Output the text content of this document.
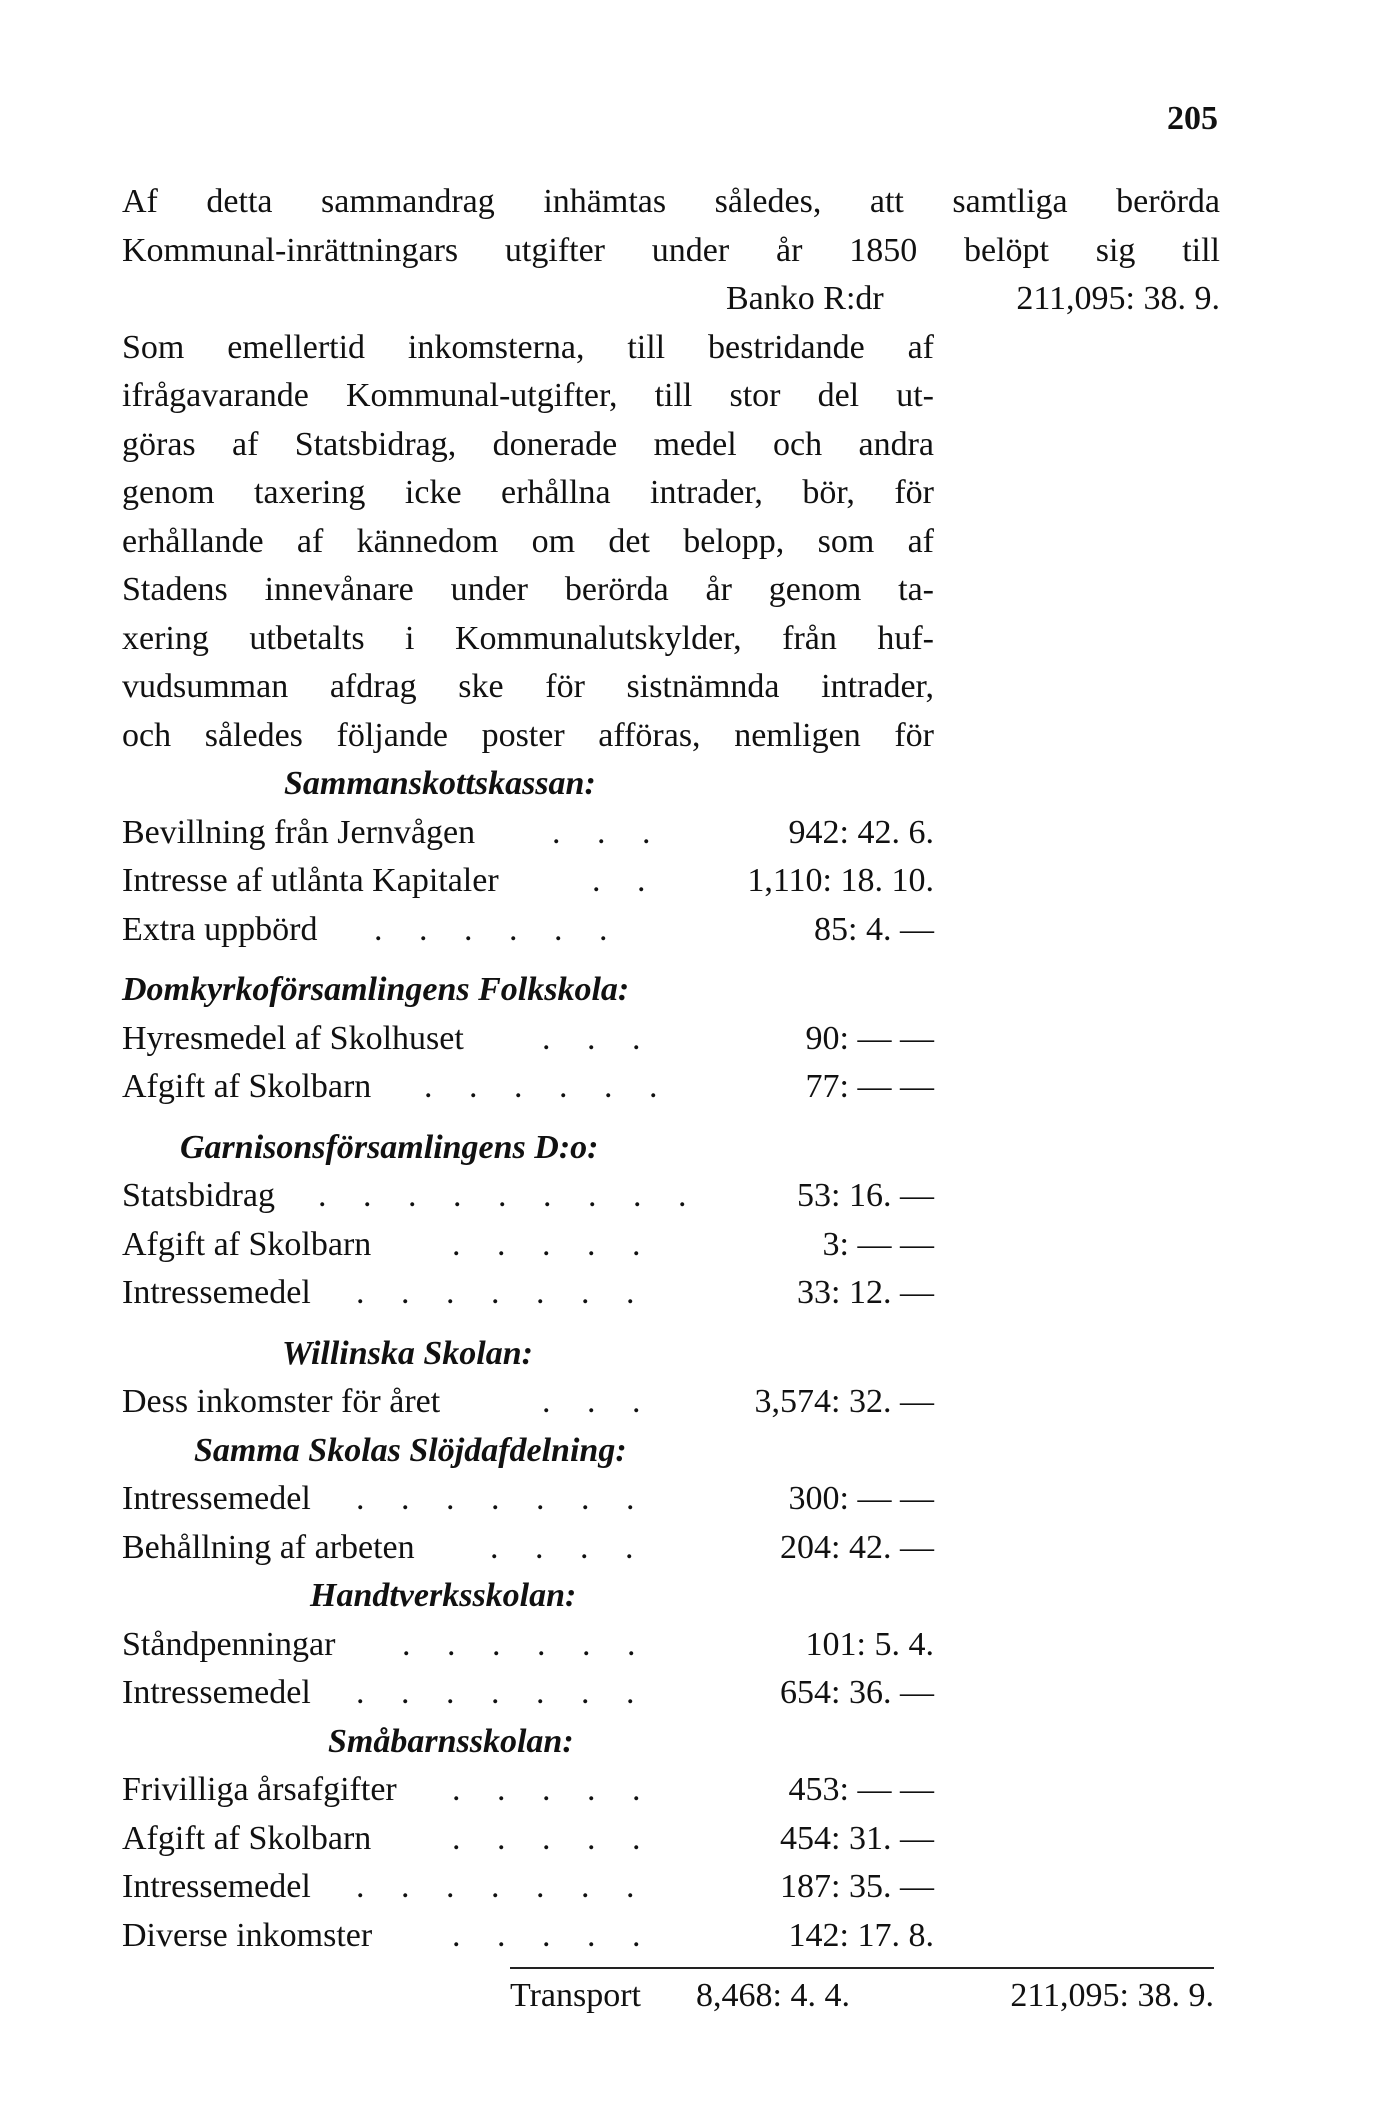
205
Af detta sammandrag inhämtas således, att samtliga berörda
Kommunal-inrättningars utgifter under år 1850 belöpt sig till
Banko R:dr	211,095: 38. 9.
Som emellertid inkomsterna, till bestridande af
ifrågavarande Kommunal-utgifter, till stor del ut-
göras af Statsbidrag, donerade medel och andra
genom taxering icke erhållna intrader, bör, för
erhållande af kännedom om det belopp, som af
Stadens innevånare under berörda år genom ta-
xering utbetalts i Kommunalutskylder, från huf-
vudsumman afdrag ske för sistnämnda intrader,
och således följande poster afföras, nemligen för
Sammanskottskassan:
Bevillning från Jernvågen . . .	942: 42. 6.
Intresse af utlånta Kapitaler	. .	1,110: 18. 10.
Extra uppbörd . . . . . .	85: 4. —
Domkyrkoförsamlingens Folkskola:
Hyresmedel af Skolhuset . . .	90: — —
Afgift af Skolbarn . . . . . .	77: — —
Garnisonsförsamlingens D:o:
Statsbidrag . . . . . . . . .	53: 16. —
Afgift af Skolbarn . . . . .	3: — —
Intressemedel . . . . . . .	33: 12. —
Willinska Skolan:
Dess inkomster för året	. . .	3,574: 32. —
Samma Skolas Slöjdafdelning:
Intressemedel . . . . . . .	300: — —
Behållning af arbeten . . . .	204: 42. —
Handtverksskolan:
Ståndpenningar . . . . . .	101: 5. 4.
Intressemedel . . . . . . .	654: 36. —
Småbarnsskolan:
Frivilliga årsafgifter . . . . .	453: — —
Afgift af Skolbarn . . . . .	454: 31. —
Intressemedel . . . . . . .	187: 35. —
Diverse inkomster . . . . .	142: 17. 8.
Transport	8,468: 4. 4.	211,095: 38. 9.
